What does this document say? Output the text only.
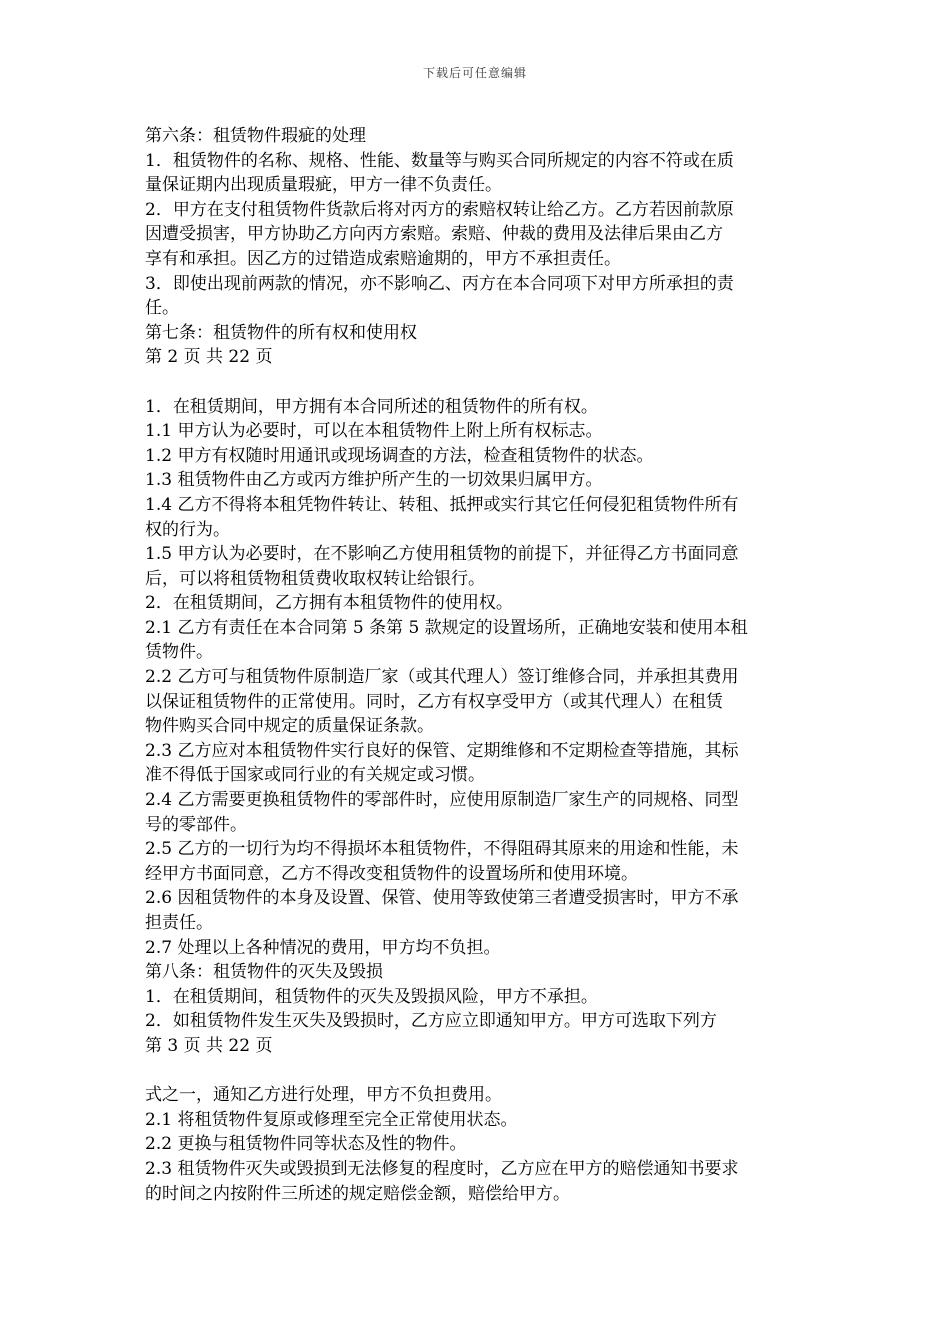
下载后可任意编辑
第六条：租赁物件瑕疵的处理
1．租赁物件的名称、规格、性能、数量等与购买合同所规定的内容不符或在质
量保证期内出现质量瑕疵，甲方一律不负责任。
2．甲方在支付租赁物件货款后将对丙方的索赔权转让给乙方。乙方若因前款原
因遭受损害，甲方协助乙方向丙方索赔。索赔、仲裁的费用及法律后果由乙方
享有和承担。因乙方的过错造成索赔逾期的，甲方不承担责任。
3．即使出现前两款的情况，亦不影响乙、丙方在本合同项下对甲方所承担的责
任。
第七条：租赁物件的所有权和使用权
第 2 页 共 22 页
1．在租赁期间，甲方拥有本合同所述的租赁物件的所有权。
1.1 甲方认为必要时，可以在本租赁物件上附上所有权标志。
1.2 甲方有权随时用通讯或现场调查的方法，检查租赁物件的状态。
1.3 租赁物件由乙方或丙方维护所产生的一切效果归属甲方。
1.4 乙方不得将本租凭物件转让、转租、抵押或实行其它任何侵犯租赁物件所有
权的行为。
1.5 甲方认为必要时，在不影响乙方使用租赁物的前提下，并征得乙方书面同意
后，可以将租赁物租赁费收取权转让给银行。
2．在租赁期间，乙方拥有本租赁物件的使用权。
2.1 乙方有责任在本合同第 5 条第 5 款规定的设置场所，正确地安装和使用本租
赁物件。
2.2 乙方可与租赁物件原制造厂家（或其代理人）签订维修合同，并承担其费用
以保证租赁物件的正常使用。同时，乙方有权享受甲方（或其代理人）在租赁
物件购买合同中规定的质量保证条款。
2.3 乙方应对本租赁物件实行良好的保管、定期维修和不定期检查等措施，其标
准不得低于国家或同行业的有关规定或习惯。
2.4 乙方需要更换租赁物件的零部件时，应使用原制造厂家生产的同规格、同型
号的零部件。
2.5 乙方的一切行为均不得损坏本租赁物件，不得阻碍其原来的用途和性能，未
经甲方书面同意，乙方不得改变租赁物件的设置场所和使用环境。
2.6 因租赁物件的本身及设置、保管、使用等致使第三者遭受损害时，甲方不承
担责任。
2.7 处理以上各种情况的费用，甲方均不负担。
第八条：租赁物件的灭失及毁损
1．在租赁期间，租赁物件的灭失及毁损风险，甲方不承担。
2．如租赁物件发生灭失及毁损时，乙方应立即通知甲方。甲方可选取下列方
第 3 页 共 22 页
式之一，通知乙方进行处理，甲方不负担费用。
2.1 将租赁物件复原或修理至完全正常使用状态。
2.2 更换与租赁物件同等状态及性的物件。
2.3 租赁物件灭失或毁损到无法修复的程度时，乙方应在甲方的赔偿通知书要求
的时间之内按附件三所述的规定赔偿金额，赔偿给甲方。
